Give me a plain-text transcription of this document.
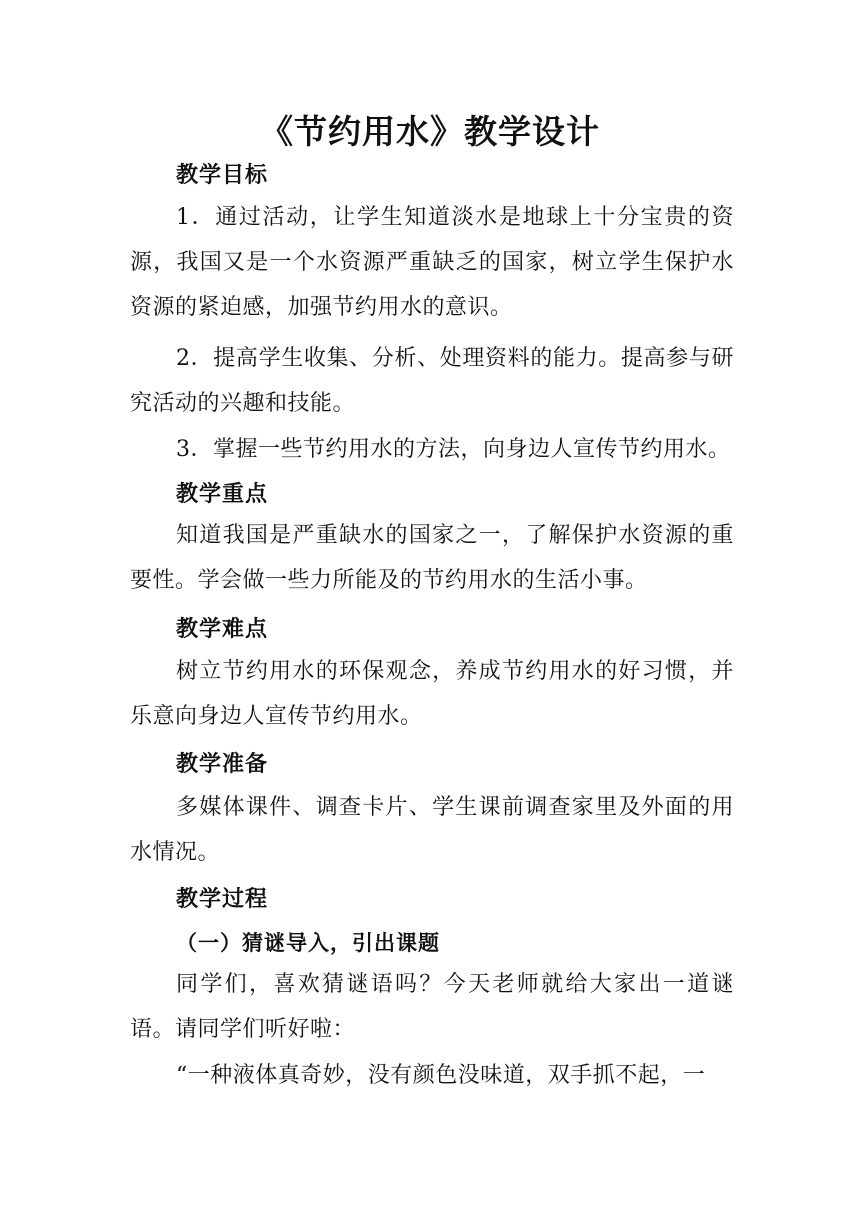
《节约用水》教学设计
教学目标
1．通过活动，让学生知道淡水是地球上十分宝贵的资源，我国又是一个水资源严重缺乏的国家，树立学生保护水资源的紧迫感，加强节约用水的意识。
2．提高学生收集、分析、处理资料的能力。提高参与研究活动的兴趣和技能。
3．掌握一些节约用水的方法，向身边人宣传节约用水。
教学重点
知道我国是严重缺水的国家之一，了解保护水资源的重要性。学会做一些力所能及的节约用水的生活小事。
教学难点
树立节约用水的环保观念，养成节约用水的好习惯，并乐意向身边人宣传节约用水。
教学准备
多媒体课件、调查卡片、学生课前调查家里及外面的用水情况。
教学过程
（一）猜谜导入，引出课题
同学们，喜欢猜谜语吗？今天老师就给大家出一道谜语。请同学们听好啦：
“一种液体真奇妙，没有颜色没味道，双手抓不起，一
